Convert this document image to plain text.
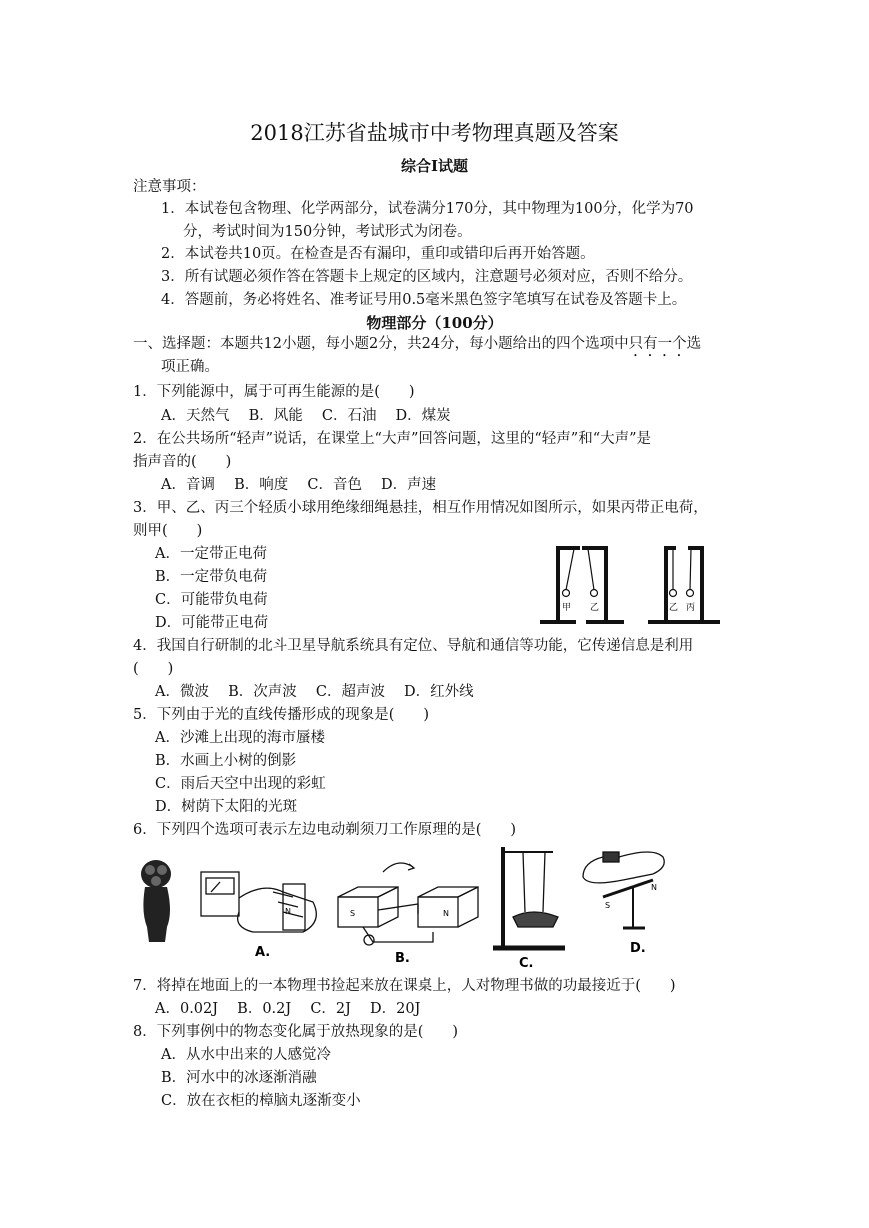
2018江苏省盐城市中考物理真题及答案
综合Ⅰ试题
注意事项：
1．本试卷包含物理、化学两部分，试卷满分170分，其中物理为100分，化学为70
分，考试时间为150分钟，考试形式为闭卷。
2．本试卷共10页。在检查是否有漏印，重印或错印后再开始答题。
3．所有试题必须作答在答题卡上规定的区域内，注意题号必须对应，否则不给分。
4．答题前，务必将姓名、准考证号用0.5毫米黑色签字笔填写在试卷及答题卡上。
物理部分（100分）
一、选择题：本题共12小题，每小题2分，共24分，每小题给出的四个选项中只有一个选
项正确。
1．下列能源中，属于可再生能源的是(　　)
A．天然气　 B．风能　 C．石油　 D．煤炭
2．在公共场所“轻声”说话，在课堂上“大声”回答问题，这里的“轻声”和“大声”是
指声音的(　　)
A．音调　 B．响度　 C．音色　 D．声速
3．甲、乙、丙三个轻质小球用绝缘细绳悬挂，相互作用情况如图所示，如果丙带正电荷，
则甲(　　)
A．一定带正电荷
B．一定带负电荷
C．可能带负电荷
D．可能带正电荷
甲 乙	乙 丙
4．我国自行研制的北斗卫星导航系统具有定位、导航和通信等功能，它传递信息是利用
(　　)
A．微波　 B．次声波　 C．超声波　 D．红外线
5．下列由于光的直线传播形成的现象是(　　)
A．沙滩上出现的海市蜃楼
B．水画上小树的倒影
C．雨后天空中出现的彩虹
D．树荫下太阳的光斑
6．下列四个选项可表示左边电动剃须刀工作原理的是(　　)
N
A.
S	N
B.	C.
S
N
D.
7．将掉在地面上的一本物理书捡起来放在课桌上，人对物理书做的功最接近于(　　)
A．0.02J　 B．0.2J　 C．2J　 D．20J
8．下列事例中的物态变化属于放热现象的是(　　)
A．从水中出来的人感觉冷
B．河水中的冰逐渐消融
C．放在衣柜的樟脑丸逐渐变小
